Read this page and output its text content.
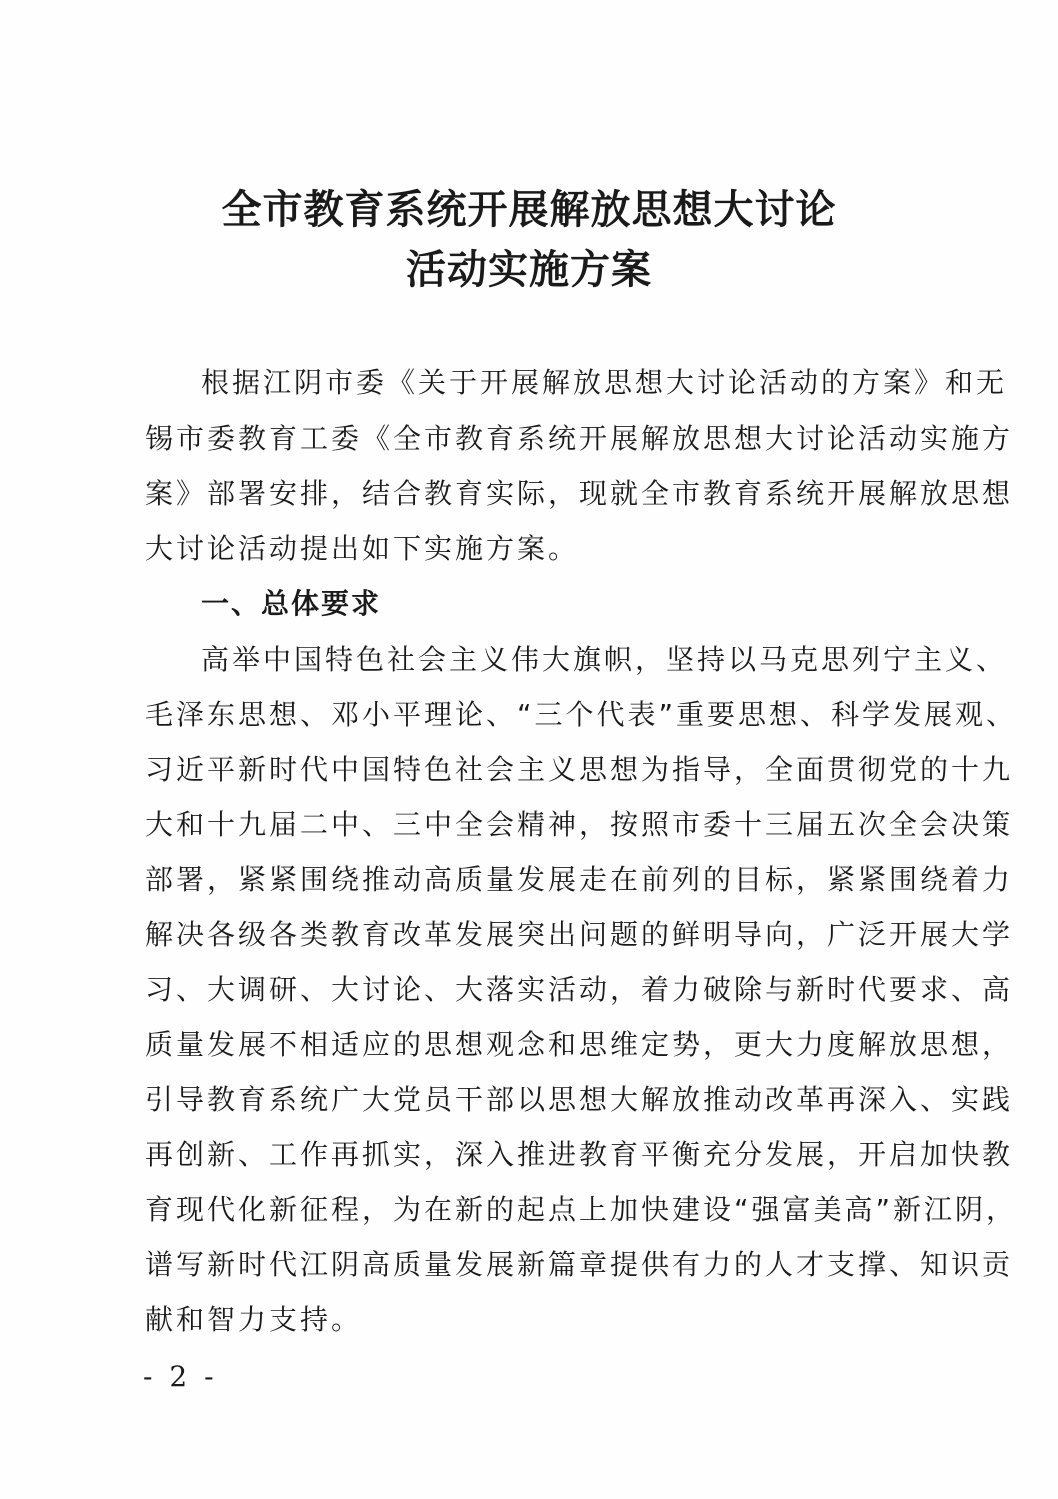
全市教育系统开展解放思想大讨论
活动实施方案

根据江阴市委《关于开展解放思想大讨论活动的方案》和无

锡市委教育工委《全市教育系统开展解放思想大讨论活动实施方

案》部署安排，结合教育实际，现就全市教育系统开展解放思想

大讨论活动提出如下实施方案。

一、总体要求

高举中国特色社会主义伟大旗帜，坚持以马克思列宁主义、

毛泽东思想、邓小平理论、“三个代表”重要思想、科学发展观、

习近平新时代中国特色社会主义思想为指导，全面贯彻党的十九

大和十九届二中、三中全会精神，按照市委十三届五次全会决策

部署，紧紧围绕推动高质量发展走在前列的目标，紧紧围绕着力

解决各级各类教育改革发展突出问题的鲜明导向，广泛开展大学

习、大调研、大讨论、大落实活动，着力破除与新时代要求、高

质量发展不相适应的思想观念和思维定势，更大力度解放思想，

引导教育系统广大党员干部以思想大解放推动改革再深入、实践

再创新、工作再抓实，深入推进教育平衡充分发展，开启加快教

育现代化新征程，为在新的起点上加快建设“强富美高”新江阴，

谱写新时代江阴高质量发展新篇章提供有力的人才支撑、知识贡

献和智力支持。

- 2 -
